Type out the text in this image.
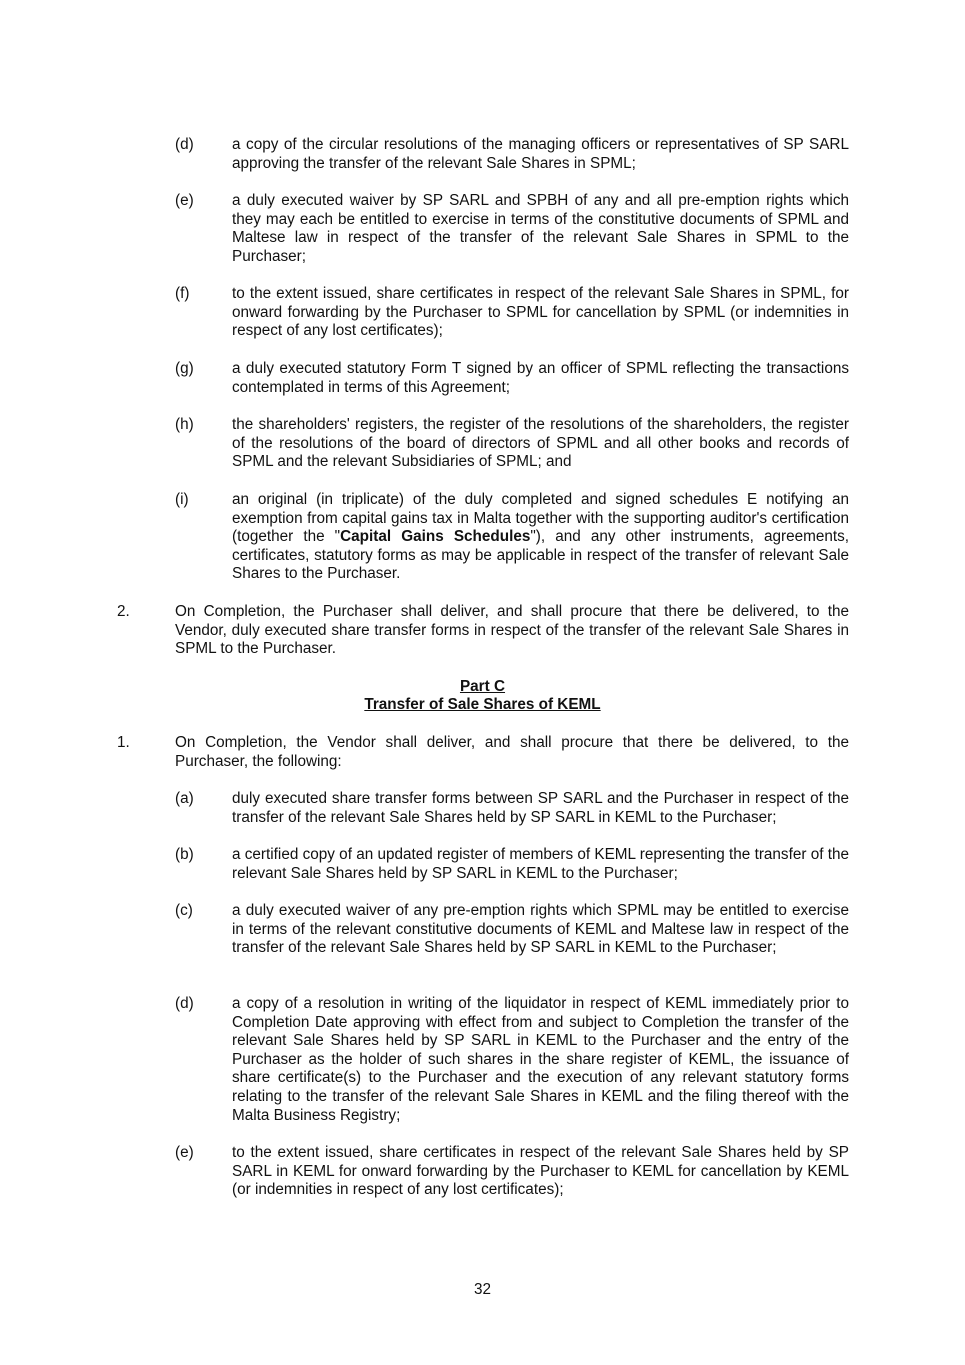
(d)	a copy of the circular resolutions of the managing officers or representatives of SP SARL approving the transfer of the relevant Sale Shares in SPML;
(e)	a duly executed waiver by SP SARL and SPBH of any and all pre-emption rights which they may each be entitled to exercise in terms of the constitutive documents of SPML and Maltese law in respect of the transfer of the relevant Sale Shares in SPML to the Purchaser;
(f)	to the extent issued, share certificates in respect of the relevant Sale Shares in SPML, for onward forwarding by the Purchaser to SPML for cancellation by SPML (or indemnities in respect of any lost certificates);
(g)	a duly executed statutory Form T signed by an officer of SPML reflecting the transactions contemplated in terms of this Agreement;
(h)	the shareholders' registers, the register of the resolutions of the shareholders, the register of the resolutions of the board of directors of SPML and all other books and records of SPML and the relevant Subsidiaries of SPML; and
(i)	an original (in triplicate) of the duly completed and signed schedules E notifying an exemption from capital gains tax in Malta together with the supporting auditor's certification (together the "Capital Gains Schedules"), and any other instruments, agreements, certificates, statutory forms as may be applicable in respect of the transfer of relevant Sale Shares to the Purchaser.
2.	On Completion, the Purchaser shall deliver, and shall procure that there be delivered, to the Vendor, duly executed share transfer forms in respect of the transfer of the relevant Sale Shares in SPML to the Purchaser.
Part C
Transfer of Sale Shares of KEML
1.	On Completion, the Vendor shall deliver, and shall procure that there be delivered, to the Purchaser, the following:
(a)	duly executed share transfer forms between SP SARL and the Purchaser in respect of the transfer of the relevant Sale Shares held by SP SARL in KEML to the Purchaser;
(b)	a certified copy of an updated register of members of KEML representing the transfer of the relevant Sale Shares held by SP SARL in KEML to the Purchaser;
(c)	a duly executed waiver of any pre-emption rights which SPML may be entitled to exercise in terms of the relevant constitutive documents of KEML and Maltese law in respect of the transfer of the relevant Sale Shares held by SP SARL in KEML to the Purchaser;
(d)	a copy of a resolution in writing of the liquidator in respect of KEML immediately prior to Completion Date approving with effect from and subject to Completion the transfer of the relevant Sale Shares held by SP SARL in KEML to the Purchaser and the entry of the Purchaser as the holder of such shares in the share register of KEML, the issuance of share certificate(s) to the Purchaser and the execution of any relevant statutory forms relating to the transfer of the relevant Sale Shares in KEML and the filing thereof with the Malta Business Registry;
(e)	to the extent issued, share certificates in respect of the relevant Sale Shares held by SP SARL in KEML for onward forwarding by the Purchaser to KEML for cancellation by KEML (or indemnities in respect of any lost certificates);
32
